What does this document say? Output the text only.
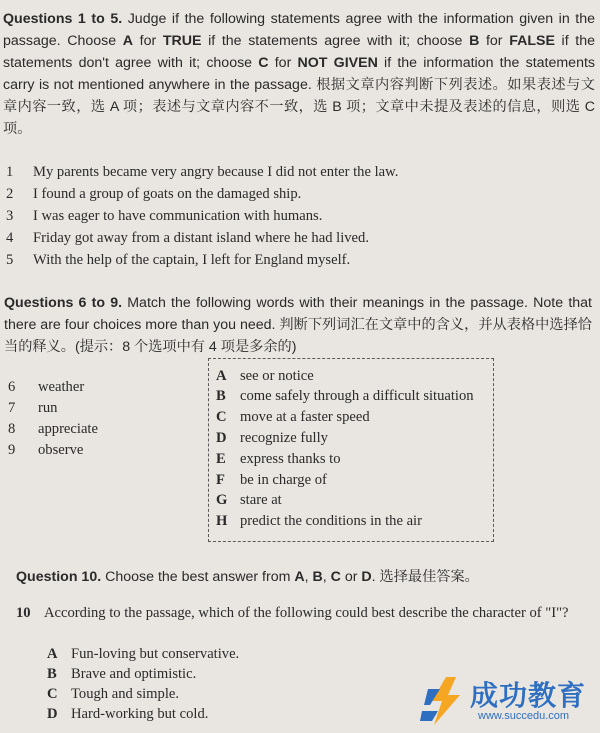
Questions 1 to 5. Judge if the following statements agree with the information given in the passage. Choose A for TRUE if the statements agree with it; choose B for FALSE if the statements don't agree with it; choose C for NOT GIVEN if the information the statements carry is not mentioned anywhere in the passage. 根据文章内容判断下列表述。如果表述与文章内容一致，选 A 项；表述与文章内容不一致，选 B 项；文章中未提及表述的信息，则选 C 项。

1 My parents became very angry because I did not enter the law.
2 I found a group of goats on the damaged ship.
3 I was eager to have communication with humans.
4 Friday got away from a distant island where he had lived.
5 With the help of the captain, I left for England myself.

Questions 6 to 9. Match the following words with their meanings in the passage. Note that there are four choices more than you need. 判断下列词汇在文章中的含义，并从表格中选择恰当的释义。(提示：8 个选项中有 4 项是多余的)

6 weather
7 run
8 appreciate
9 observe
A see or notice
B come safely through a difficult situation
C move at a faster speed
D recognize fully
E express thanks to
F be in charge of
G stare at
H predict the conditions in the air
Question 10. Choose the best answer from A, B, C or D. 选择最佳答案。
10 According to the passage, which of the following could best describe the character of "I"?
A Fun-loving but conservative.
B Brave and optimistic.
C Tough and simple.
D Hard-working but cold.
成功教育
www.succedu.com
